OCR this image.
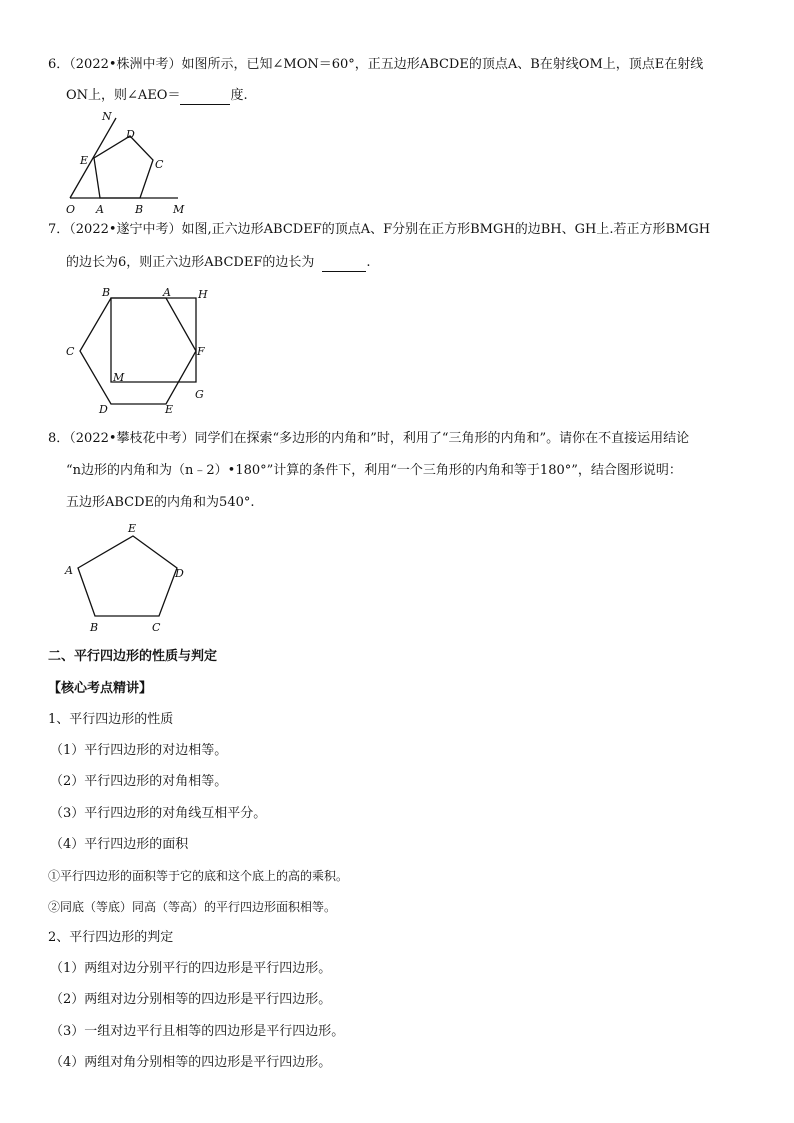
6．（2022•株洲中考）如图所示，已知∠MON＝60°，正五边形ABCDE的顶点A、B在射线OM上，顶点E在射线
ON上，则∠AEO＝	度.
N
D
E	C
O A	B	M
7．（2022•遂宁中考）如图,正六边形ABCDEF的顶点A、F分别在正方形BMGH的边BH、GH上.若正方形BMGH
的边长为6，则正六边形ABCDEF的边长为	.
B	A H
C	F
M
G
D	E
8．（2022•攀枝花中考）同学们在探索“多边形的内角和”时，利用了“三角形的内角和”。请你在不直接运用结论
“n边形的内角和为（n﹣2）•180°”计算的条件下，利用“一个三角形的内角和等于180°”，结合图形说明：
五边形ABCDE的内角和为540°.
E
A	D
B	C
二、平行四边形的性质与判定
【核心考点精讲】
1、平行四边形的性质
（1）平行四边形的对边相等。
（2）平行四边形的对角相等。
（3）平行四边形的对角线互相平分。
（4）平行四边形的面积
①平行四边形的面积等于它的底和这个底上的高的乘积。
②同底（等底）同高（等高）的平行四边形面积相等。
2、平行四边形的判定
（1）两组对边分别平行的四边形是平行四边形。
（2）两组对边分别相等的四边形是平行四边形。
（3）一组对边平行且相等的四边形是平行四边形。
（4）两组对角分别相等的四边形是平行四边形。
